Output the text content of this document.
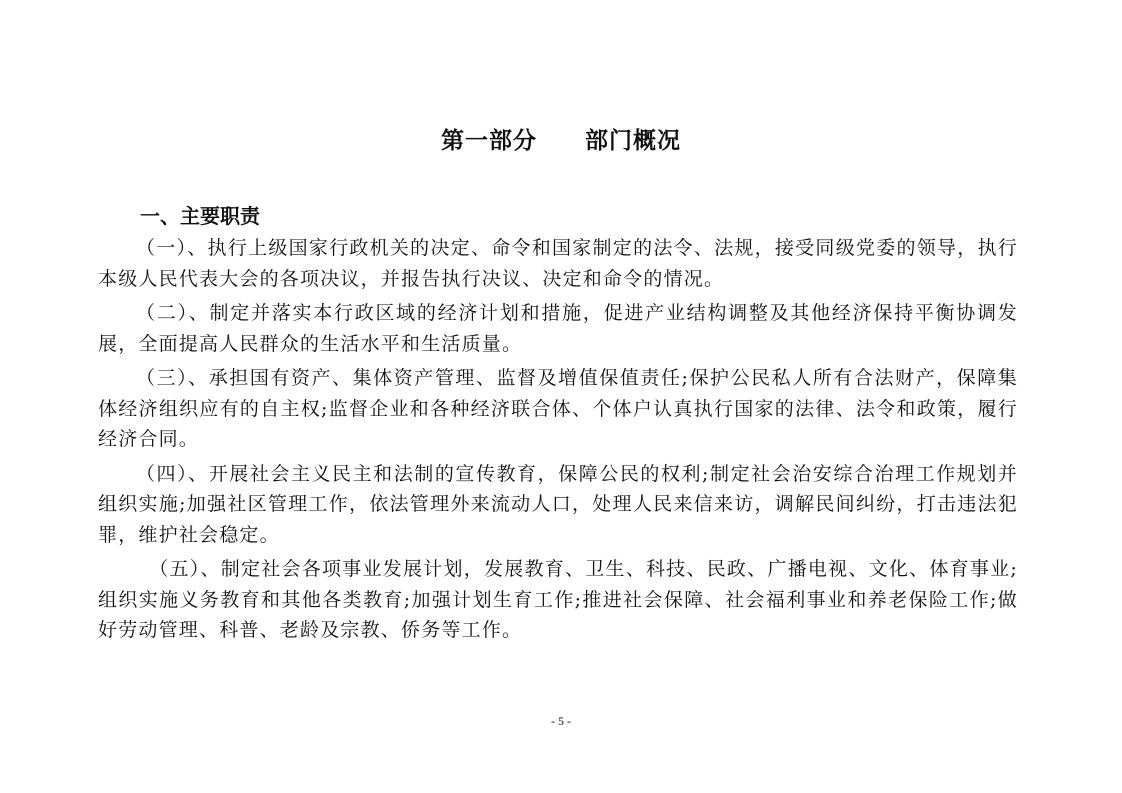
第一部分　　部门概况
一、主要职责

（一）、执行上级国家行政机关的决定、命令和国家制定的法令、法规，接受同级党委的领导，执行本级人民代表大会的各项决议，并报告执行决议、决定和命令的情况。

（二）、制定并落实本行政区域的经济计划和措施，促进产业结构调整及其他经济保持平衡协调发展，全面提高人民群众的生活水平和生活质量。

（三）、承担国有资产、集体资产管理、监督及增值保值责任;保护公民私人所有合法财产，保障集体经济组织应有的自主权;监督企业和各种经济联合体、个体户认真执行国家的法律、法令和政策，履行经济合同。

（四）、开展社会主义民主和法制的宣传教育，保障公民的权利;制定社会治安综合治理工作规划并组织实施;加强社区管理工作，依法管理外来流动人口，处理人民来信来访，调解民间纠纷，打击违法犯罪，维护社会稳定。

（五）、制定社会各项事业发展计划，发展教育、卫生、科技、民政、广播电视、文化、体育事业;组织实施义务教育和其他各类教育;加强计划生育工作;推进社会保障、社会福利事业和养老保险工作;做好劳动管理、科普、老龄及宗教、侨务等工作。

- 5 -
